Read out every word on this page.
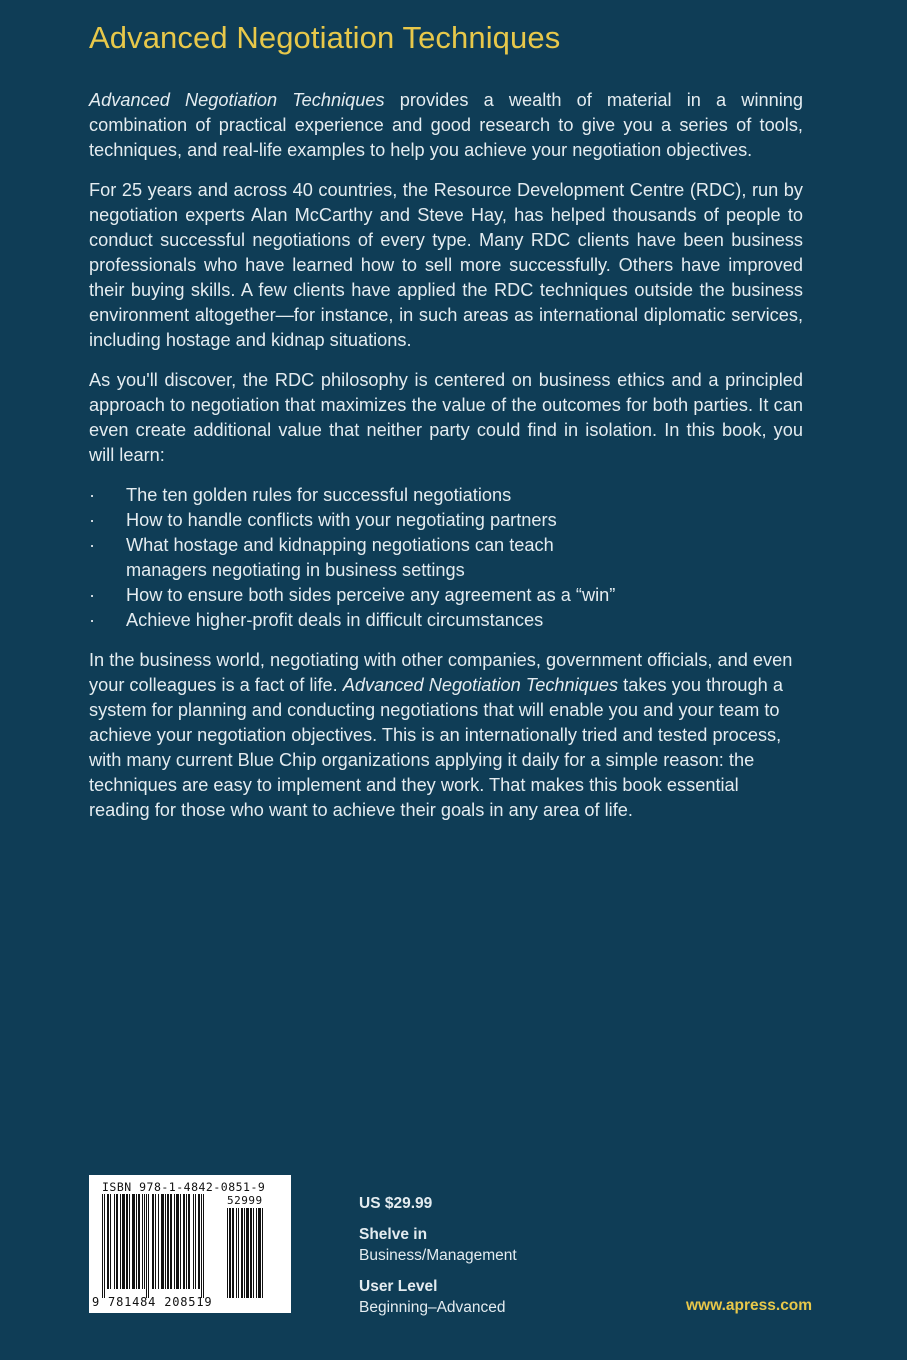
Advanced Negotiation Techniques

Advanced Negotiation Techniques provides a wealth of material in a winning combination of practical experience and good research to give you a series of tools, techniques, and real-life examples to help you achieve your negotiation objectives.

For 25 years and across 40 countries, the Resource Development Centre (RDC), run by negotiation experts Alan McCarthy and Steve Hay, has helped thousands of people to conduct successful negotiations of every type. Many RDC clients have been business professionals who have learned how to sell more successfully. Others have improved their buying skills. A few clients have applied the RDC techniques outside the business environment altogether—for instance, in such areas as international diplomatic services, including hostage and kidnap situations.

As you'll discover, the RDC philosophy is centered on business ethics and a principled approach to negotiation that maximizes the value of the outcomes for both parties. It can even create additional value that neither party could find in isolation. In this book, you will learn:

· The ten golden rules for successful negotiations
· How to handle conflicts with your negotiating partners
· What hostage and kidnapping negotiations can teach managers negotiating in business settings
· How to ensure both sides perceive any agreement as a “win”
· Achieve higher-profit deals in difficult circumstances

In the business world, negotiating with other companies, government officials, and even your colleagues is a fact of life. Advanced Negotiation Techniques takes you through a system for planning and conducting negotiations that will enable you and your team to achieve your negotiation objectives. This is an internationally tried and tested process, with many current Blue Chip organizations applying it daily for a simple reason: the techniques are easy to implement and they work. That makes this book essential reading for those who want to achieve their goals in any area of life.

ISBN 978-1-4842-0851-9
52999
9 781484 208519
US $29.99
Shelve in
Business/Management
User Level
Beginning–Advanced	www.apress.com
